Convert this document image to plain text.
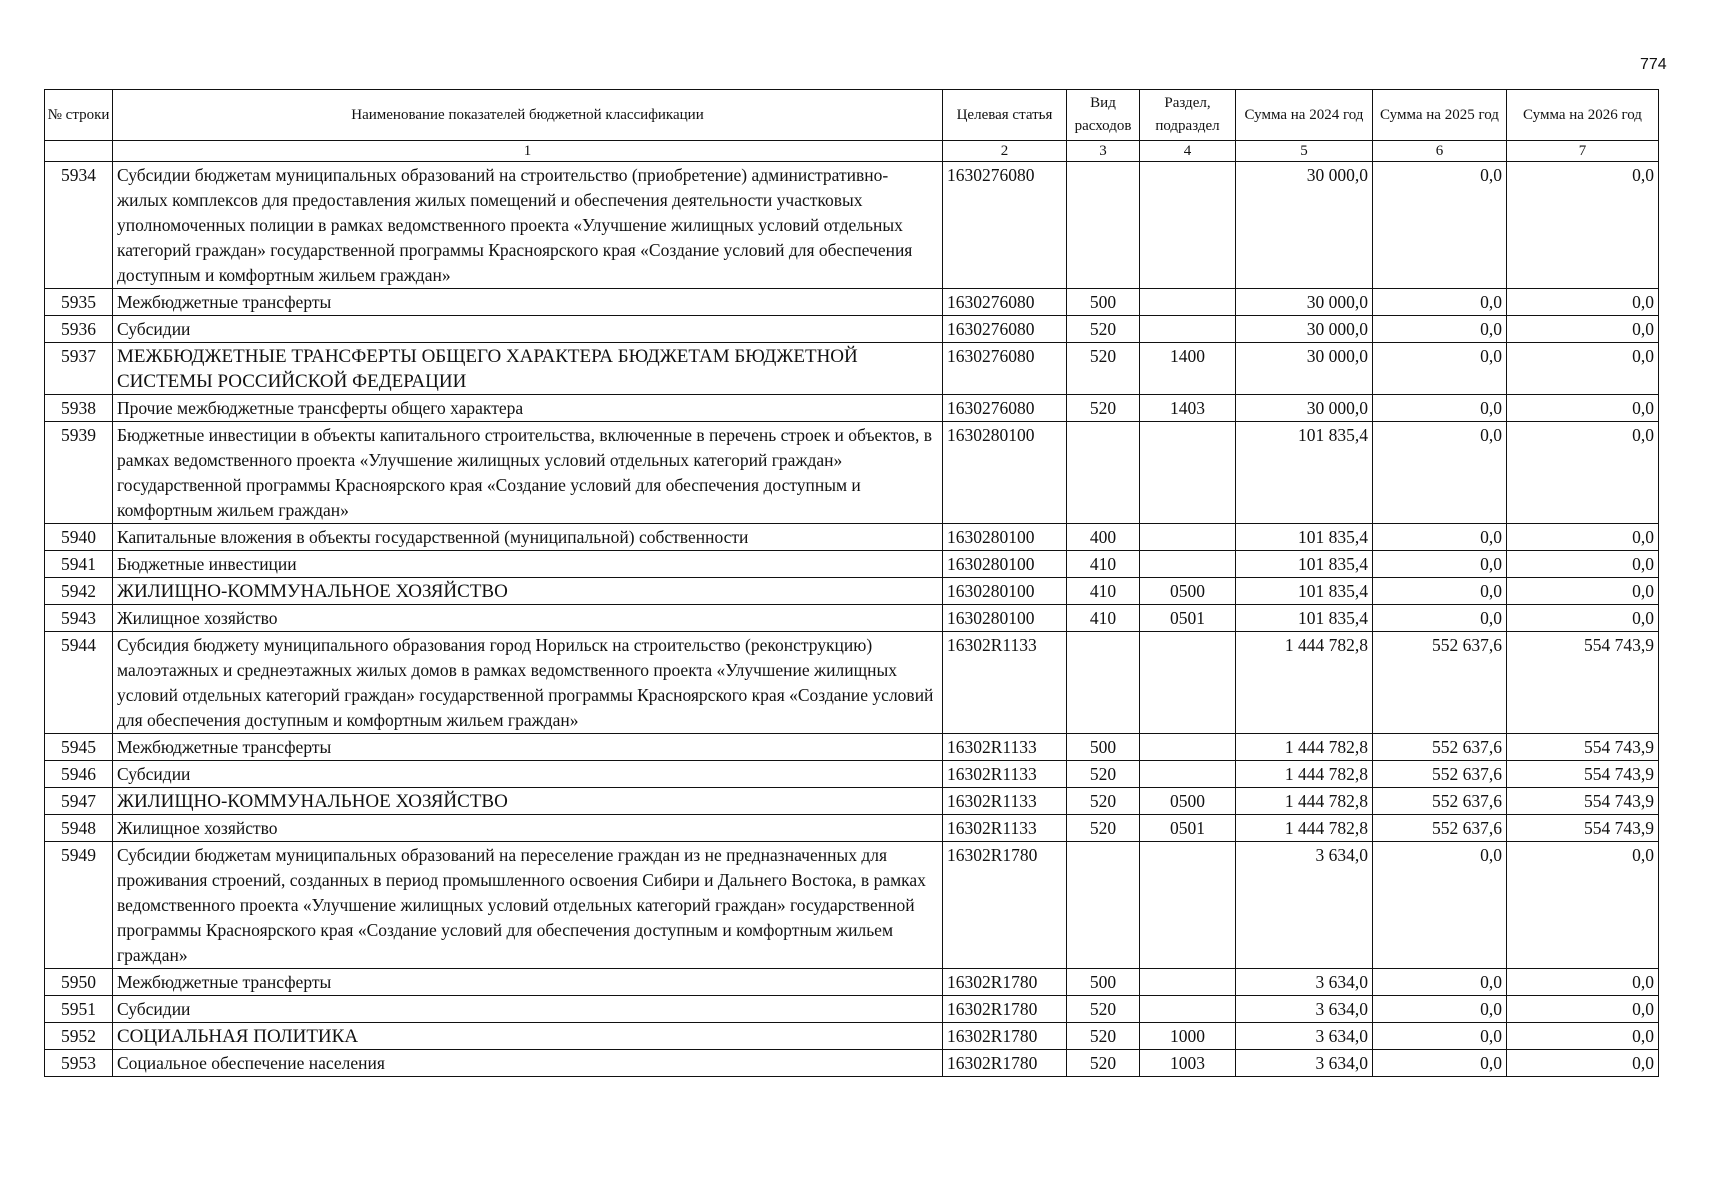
774
№ строки	Наименование показателей бюджетной классификации	Целевая статья	Вид расходов	Раздел, подраздел	Сумма на 2024 год	Сумма на 2025 год	Сумма на 2026 год
	1	2	3	4	5	6	7
5934	Субсидии бюджетам муниципальных образований на строительство (приобретение) административно-жилых комплексов для предоставления жилых помещений и обеспечения деятельности участковых уполномоченных полиции в рамках ведомственного проекта «Улучшение жилищных условий отдельных категорий граждан» государственной программы Красноярского края «Создание условий для обеспечения доступным и комфортным жильем граждан»	1630276080			30 000,0	0,0	0,0
5935	Межбюджетные трансферты	1630276080	500		30 000,0	0,0	0,0
5936	Субсидии	1630276080	520		30 000,0	0,0	0,0
5937	МЕЖБЮДЖЕТНЫЕ ТРАНСФЕРТЫ ОБЩЕГО ХАРАКТЕРА БЮДЖЕТАМ БЮДЖЕТНОЙ СИСТЕМЫ РОССИЙСКОЙ ФЕДЕРАЦИИ	1630276080	520	1400	30 000,0	0,0	0,0
5938	Прочие межбюджетные трансферты общего характера	1630276080	520	1403	30 000,0	0,0	0,0
5939	Бюджетные инвестиции в объекты капитального строительства, включенные в перечень строек и объектов, в рамках ведомственного проекта «Улучшение жилищных условий отдельных категорий граждан» государственной программы Красноярского края «Создание условий для обеспечения доступным и комфортным жильем граждан»	1630280100			101 835,4	0,0	0,0
5940	Капитальные вложения в объекты государственной (муниципальной) собственности	1630280100	400		101 835,4	0,0	0,0
5941	Бюджетные инвестиции	1630280100	410		101 835,4	0,0	0,0
5942	ЖИЛИЩНО-КОММУНАЛЬНОЕ ХОЗЯЙСТВО	1630280100	410	0500	101 835,4	0,0	0,0
5943	Жилищное хозяйство	1630280100	410	0501	101 835,4	0,0	0,0
5944	Субсидия бюджету муниципального образования город Норильск на строительство (реконструкцию) малоэтажных и среднеэтажных жилых домов в рамках ведомственного проекта «Улучшение жилищных условий отдельных категорий граждан» государственной программы Красноярского края «Создание условий для обеспечения доступным и комфортным жильем граждан»	16302R1133			1 444 782,8	552 637,6	554 743,9
5945	Межбюджетные трансферты	16302R1133	500		1 444 782,8	552 637,6	554 743,9
5946	Субсидии	16302R1133	520		1 444 782,8	552 637,6	554 743,9
5947	ЖИЛИЩНО-КОММУНАЛЬНОЕ ХОЗЯЙСТВО	16302R1133	520	0500	1 444 782,8	552 637,6	554 743,9
5948	Жилищное хозяйство	16302R1133	520	0501	1 444 782,8	552 637,6	554 743,9
5949	Субсидии бюджетам муниципальных образований на переселение граждан из не предназначенных для проживания строений, созданных в период промышленного освоения Сибири и Дальнего Востока, в рамках ведомственного проекта «Улучшение жилищных условий отдельных категорий граждан» государственной программы Красноярского края «Создание условий для обеспечения доступным и комфортным жильем граждан»	16302R1780			3 634,0	0,0	0,0
5950	Межбюджетные трансферты	16302R1780	500		3 634,0	0,0	0,0
5951	Субсидии	16302R1780	520		3 634,0	0,0	0,0
5952	СОЦИАЛЬНАЯ ПОЛИТИКА	16302R1780	520	1000	3 634,0	0,0	0,0
5953	Социальное обеспечение населения	16302R1780	520	1003	3 634,0	0,0	0,0
